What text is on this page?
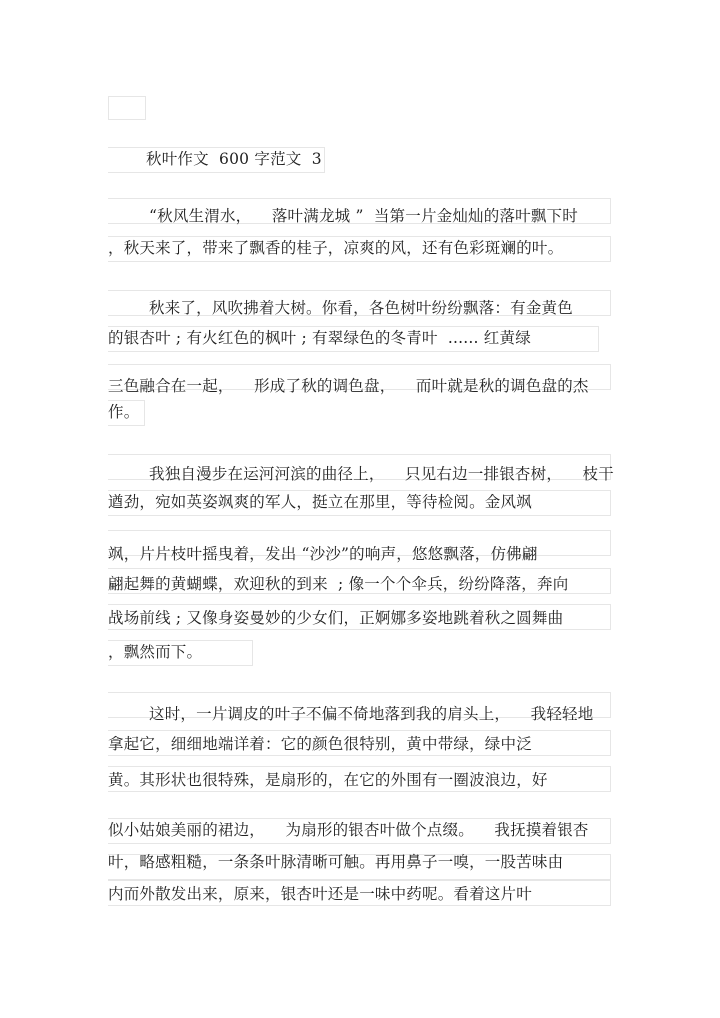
秋叶作文  600 字范文  3
“秋风生渭水，    落叶满龙城 ”  当第一片金灿灿的落叶飘下时
，秋天来了，带来了飘香的桂子，凉爽的风，还有色彩斑斓的叶。
秋来了，风吹拂着大树。你看，各色树叶纷纷飘落：有金黄色
的银杏叶 ; 有火红色的枫叶 ; 有翠绿色的冬青叶  ...... 红黄绿
三色融合在一起，    形成了秋的调色盘，    而叶就是秋的调色盘的杰
作。
我独自漫步在运河河滨的曲径上，    只见右边一排银杏树，    枝干
遒劲，宛如英姿飒爽的军人，挺立在那里，等待检阅。金风飒
飒，片片枝叶摇曳着，发出 “沙沙”的响声，悠悠飘落，仿佛翩
翩起舞的黄蝴蝶，欢迎秋的到来  ; 像一个个伞兵，纷纷降落，奔向
战场前线 ; 又像身姿曼妙的少女们，正婀娜多姿地跳着秋之圆舞曲
，飘然而下。
这时，一片调皮的叶子不偏不倚地落到我的肩头上，    我轻轻地
拿起它，细细地端详着：它的颜色很特别，黄中带绿，绿中泛
黄。其形状也很特殊，是扇形的，在它的外围有一圈波浪边，好
似小姑娘美丽的裙边，    为扇形的银杏叶做个点缀。    我抚摸着银杏
叶，略感粗糙，一条条叶脉清晰可触。再用鼻子一嗅，一股苦味由
内而外散发出来，原来，银杏叶还是一味中药呢。看着这片叶
